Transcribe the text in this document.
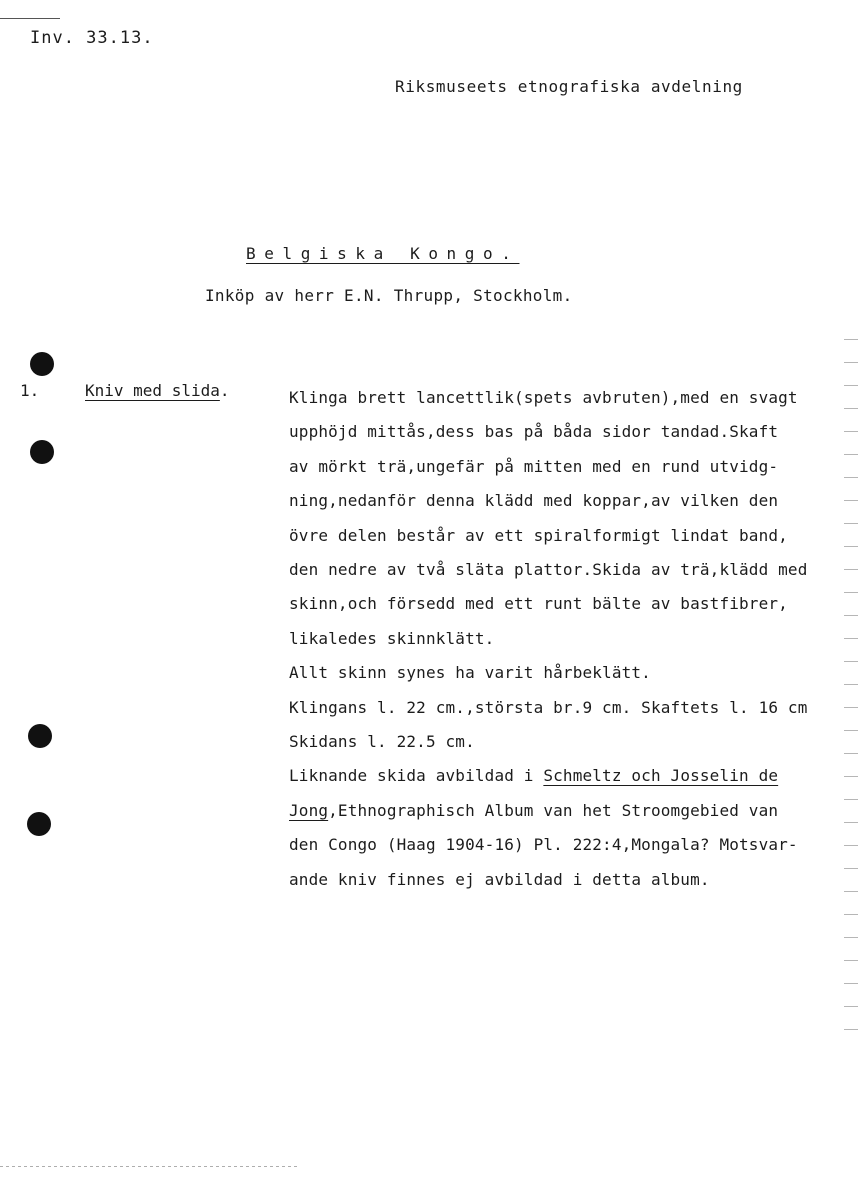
Inv. 33.13.
Riksmuseets etnografiska avdelning
Belgiska Kongo.
Inköp av herr E.N. Thrupp, Stockholm.
1.	Kniv med slida.	Klinga brett lancettlik(spets avbruten),med en svagt
upphöjd mittås,dess bas på båda sidor tandad.Skaft
av mörkt trä,ungefär på mitten med en rund utvidg-
ning,nedanför denna klädd med koppar,av vilken den
övre delen består av ett spiralformigt lindat band,
den nedre av två släta plattor.Skida av trä,klädd med
skinn,och försedd med ett runt bälte av bastfibrer,
likaledes skinnklätt.
Allt skinn synes ha varit hårbeklätt.
Klingans l. 22 cm.,största br.9 cm. Skaftets l. 16 cm
Skidans l. 22.5 cm.
Liknande skida avbildad i Schmeltz och Josselin de
Jong,Ethnographisch Album van het Stroomgebied van
den Congo (Haag 1904-16) Pl. 222:4,Mongala? Motsvar-
ande kniv finnes ej avbildad i detta album.
